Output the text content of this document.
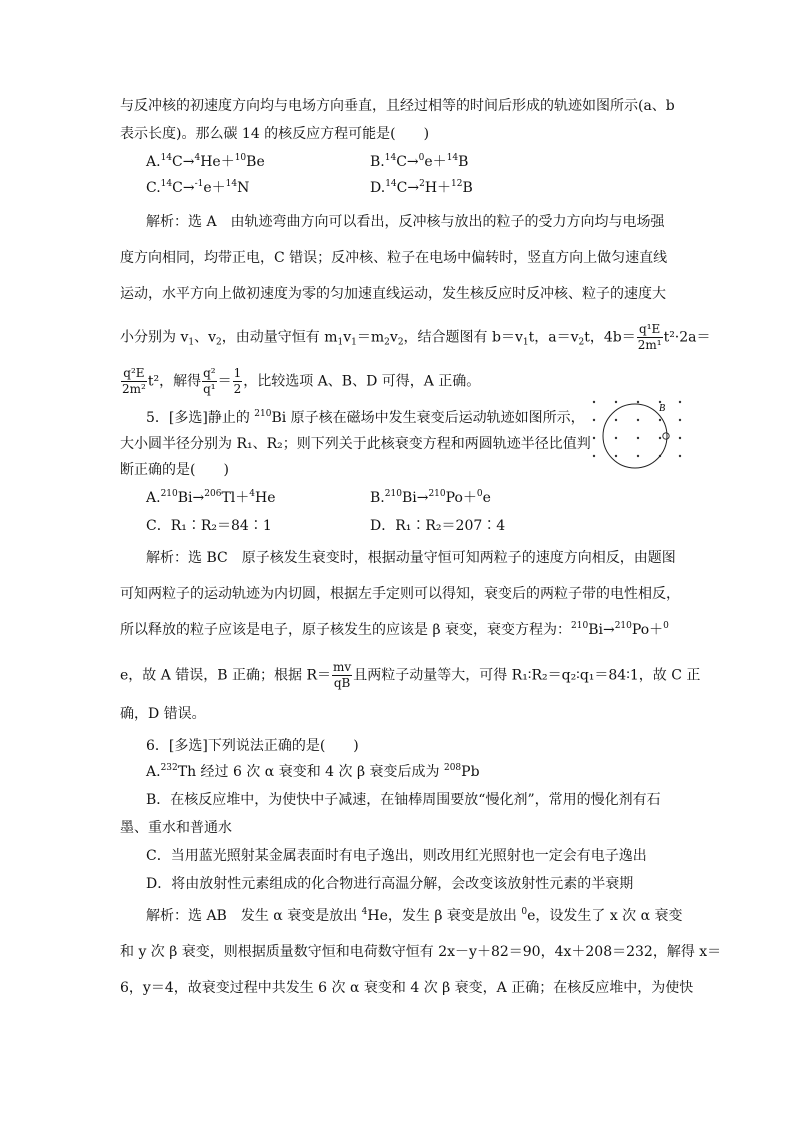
与反冲核的初速度方向均与电场方向垂直，且经过相等的时间后形成的轨迹如图所示(a、b
表示长度)。那么碳 14 的核反应方程可能是(　　)
A.$^{14}$C→$^4$He＋$^{10}$Be	B.$^{14}$C→$^0$e＋$^{14}$B
C.$^{14}$C→$^{-1}$e＋$^{14}$N	D.$^{14}$C→$^2$H＋$^{12}$B
解析：选 A　由轨迹弯曲方向可以看出，反冲核与放出的粒子的受力方向均与电场强
度方向相同，均带正电，C 错误；反冲核、粒子在电场中偏转时，竖直方向上做匀速直线
运动，水平方向上做初速度为零的匀加速直线运动，发生核反应时反冲核、粒子的速度大
小分别为 $v_1$、$v_2$，由动量守恒有 $m_1v_1=m_2v_2$，结合题图有 $b=v_1t$，$a=v_2t$，$4b= \frac{\text{q¹E}}{\text{2m¹}} t^2\cdot 2a=$
$\frac{\text{q²E}}{\text{2m²}} t^2$，解得 $\frac{\text{q²}}{\text{q¹}} = \frac{1}{2}$ ，比较选项 A、B、D 可得，A 正确。
5．[多选]静止的 $^{210}$Bi 原子核在磁场中发生衰变后运动轨迹如图所示，
大小圆半径分别为 R₁、R₂；则下列关于此核衰变方程和两圆轨迹半径比值判
断正确的是(　　)
B
A.$^{210}$Bi→$^{206}$Tl＋$^4$He	B.$^{210}$Bi→$^{210}$Po＋$^0$e
C．R₁∶R₂＝84∶1	D．R₁∶R₂＝207∶4
解析：选 BC　原子核发生衰变时，根据动量守恒可知两粒子的速度方向相反，由题图
可知两粒子的运动轨迹为内切圆，根据左手定则可以得知，衰变后的两粒子带的电性相反，
所以释放的粒子应该是电子，原子核发生的应该是 β 衰变，衰变方程为：$^{210}$Bi→$^{210}$Po＋$^0$
e，故 A 错误，B 正确；根据 $R= \frac{mv}{qB}$ 且两粒子动量等大，可得 R₁∶R₂＝q₂∶q₁＝84∶1，故 C 正
确，D 错误。
6．[多选]下列说法正确的是(　　)
A.$^{232}$Th 经过 6 次 α 衰变和 4 次 β 衰变后成为 $^{208}$Pb
B．在核反应堆中，为使快中子减速，在铀棒周围要放“慢化剂”，常用的慢化剂有石
墨、重水和普通水
C．当用蓝光照射某金属表面时有电子逸出，则改用红光照射也一定会有电子逸出
D．将由放射性元素组成的化合物进行高温分解，会改变该放射性元素的半衰期
解析：选 AB　发生 α 衰变是放出 $^4$He，发生 β 衰变是放出 $^0$e，设发生了 x 次 α 衰变
和 y 次 β 衰变，则根据质量数守恒和电荷数守恒有 2x－y＋82＝90，4x＋208＝232，解得 x＝
6，y＝4，故衰变过程中共发生 6 次 α 衰变和 4 次 β 衰变，A 正确；在核反应堆中，为使快
